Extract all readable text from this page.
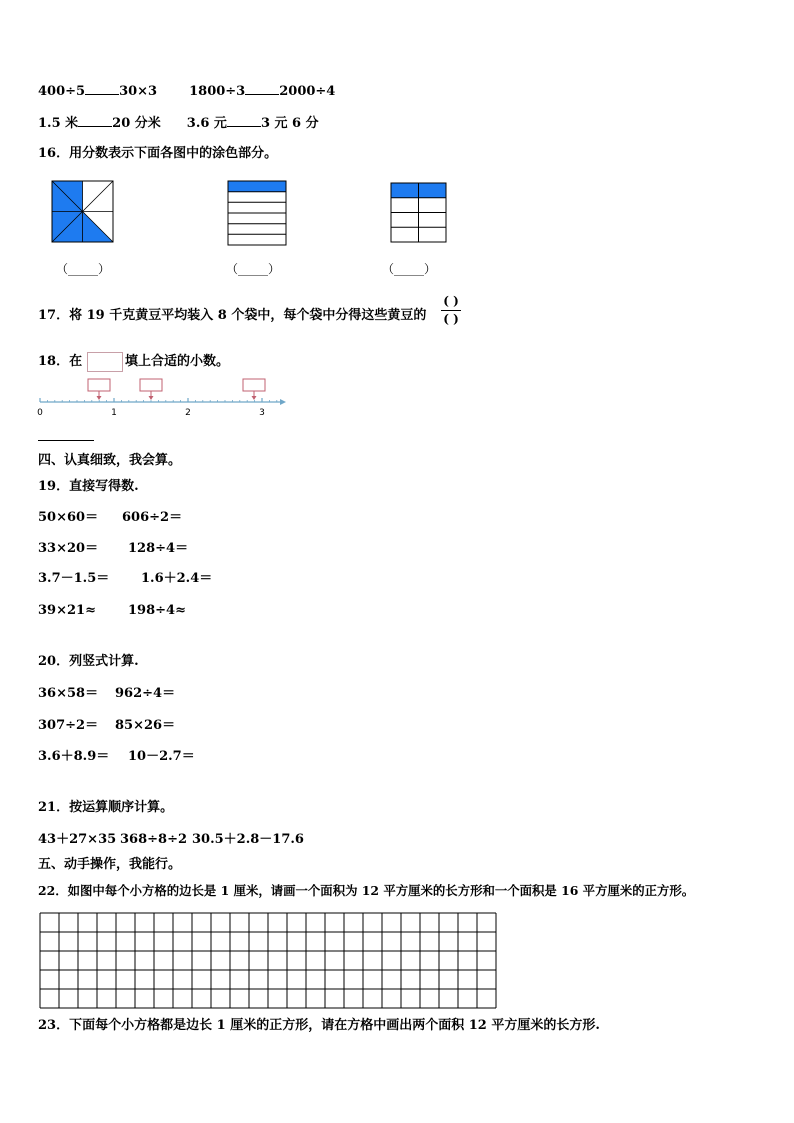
400÷5	30×3 1800÷3	2000÷4
1.5 米	20 分米 3.6 元	3 元 6 分
16．用分数表示下面各图中的涂色部分。
（_____）	（_____）	（_____）
17．将 19 千克黄豆平均装入 8 个袋中，每个袋中分得这些黄豆的
( )
( )
18．在	填上合适的小数。
0	1	2	3
四、认真细致，我会算。
19．直接写得数.
50×60＝ 606÷2＝
33×20＝ 128÷4＝
3.7－1.5＝ 1.6＋2.4＝
39×21≈ 198÷4≈
20．列竖式计算.
36×58＝ 962÷4＝
307÷2＝ 85×26＝
3.6＋8.9＝ 10－2.7＝
21．按运算顺序计算。
43＋27×35 368÷8÷2 30.5＋2.8－17.6
五、动手操作，我能行。
22．如图中每个小方格的边长是 1 厘米，请画一个面积为 12 平方厘米的长方形和一个面积是 16 平方厘米的正方形。
23．下面每个小方格都是边长 1 厘米的正方形，请在方格中画出两个面积 12 平方厘米的长方形.
